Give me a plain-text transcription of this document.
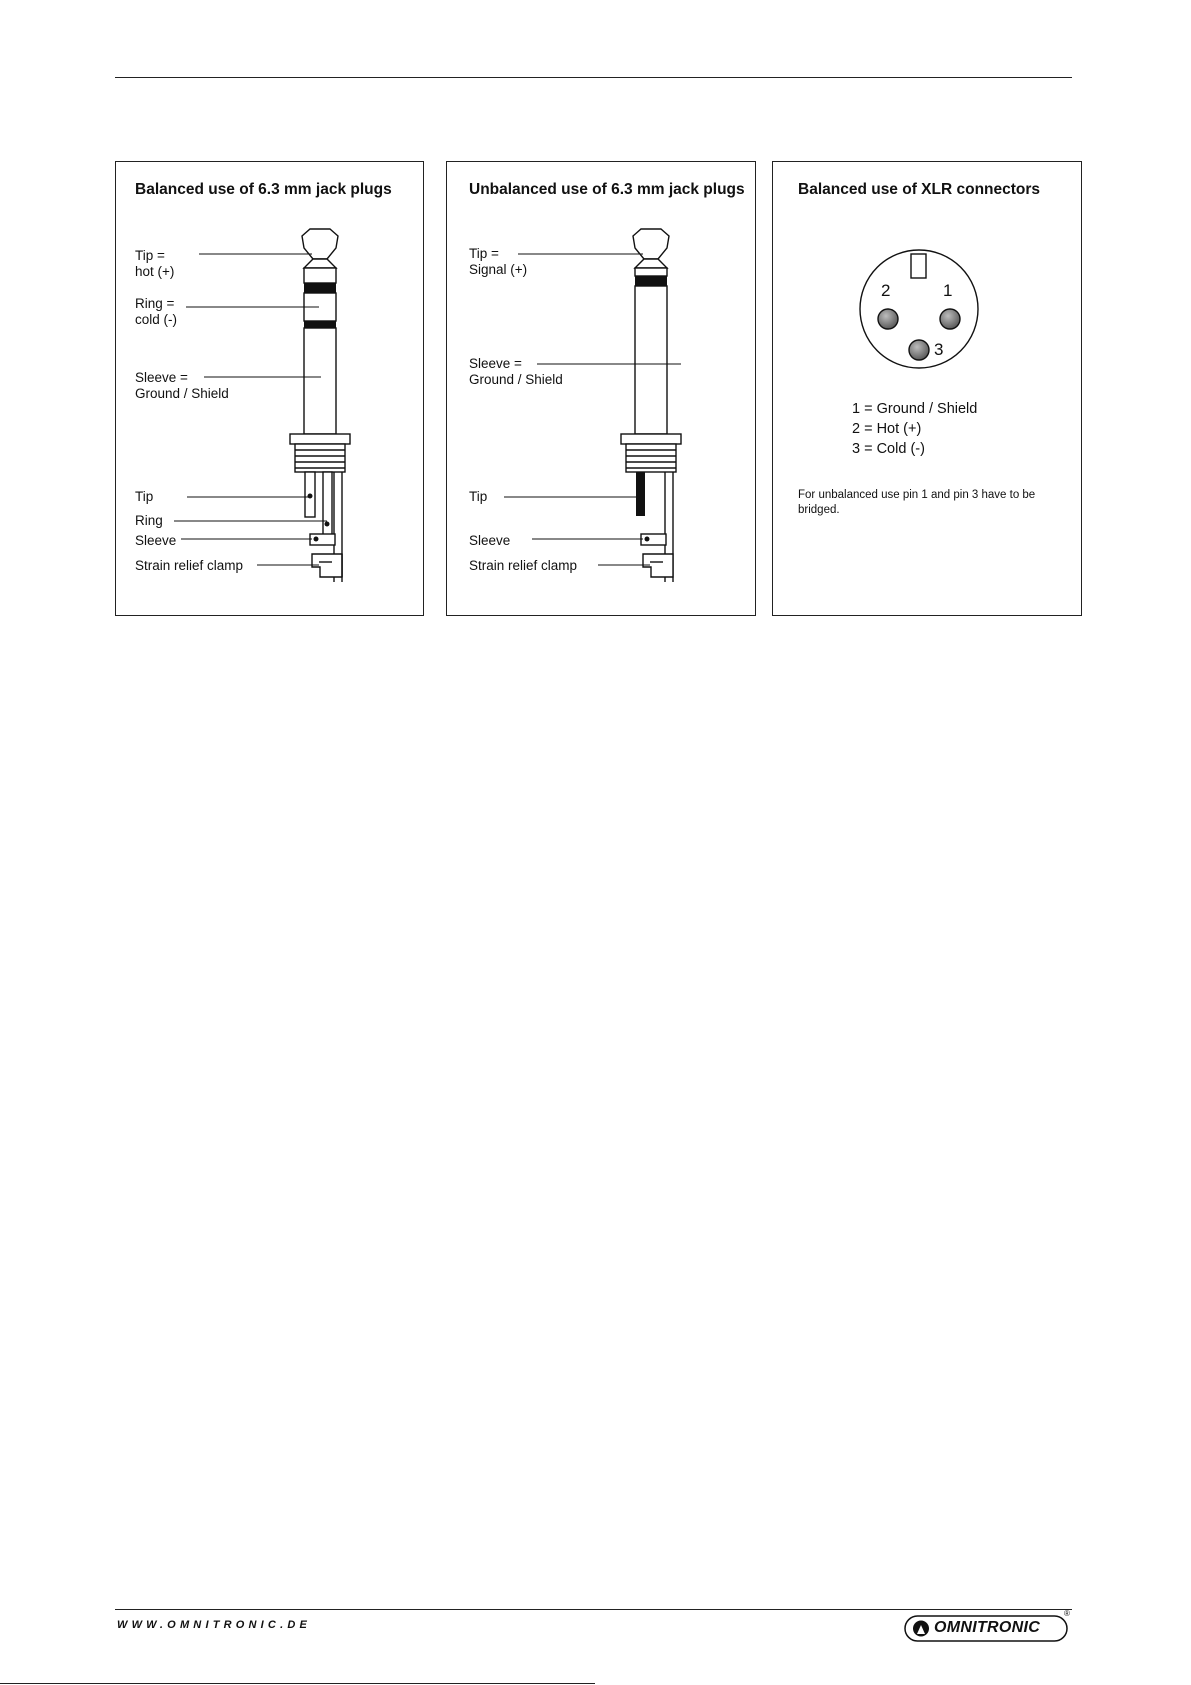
Balanced use of 6.3 mm jack plugs
Tip =
hot (+)
Ring =
cold (-)
Sleeve =
Ground / Shield
Tip
Ring
Sleeve
Strain relief clamp
Unbalanced use of 6.3 mm jack plugs
Tip =
Signal (+)
Sleeve =
Ground / Shield
Tip
Sleeve
Strain relief clamp
Balanced use of XLR connectors
2	1
3
1 = Ground / Shield
2 = Hot (+)
3 = Cold (-)
For unbalanced use pin 1 and pin 3 have to be bridged.
WWW.OMNITRONIC.DE	OMNITRONIC
®
